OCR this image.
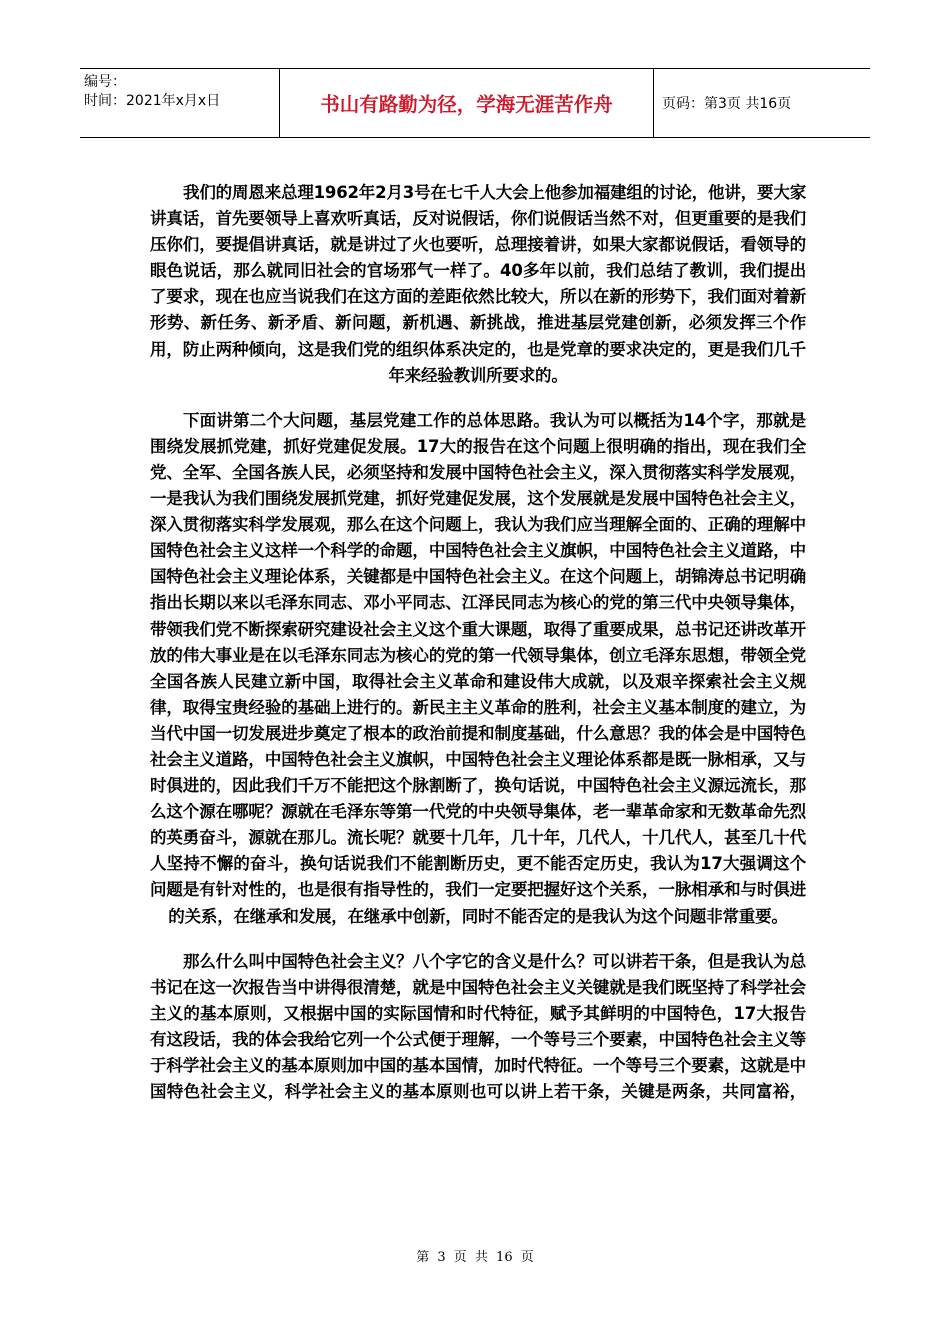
编号：
时间：2021年x月x日	书山有路勤为径，学海无涯苦作舟	页码：第3页 共16页

我们的周恩来总理1962年2月3号在七千人大会上他参加福建组的讨论，他讲，要大家讲真话，首先要领导上喜欢听真话，反对说假话，你们说假话当然不对，但更重要的是我们压你们，要提倡讲真话，就是讲过了火也要听，总理接着讲，如果大家都说假话，看领导的眼色说话，那么就同旧社会的官场邪气一样了。40多年以前，我们总结了教训，我们提出了要求，现在也应当说我们在这方面的差距依然比较大，所以在新的形势下，我们面对着新形势、新任务、新矛盾、新问题，新机遇、新挑战，推进基层党建创新，必须发挥三个作用，防止两种倾向，这是我们党的组织体系决定的，也是党章的要求决定的，更是我们几千年来经验教训所要求的。

下面讲第二个大问题，基层党建工作的总体思路。我认为可以概括为14个字，那就是围绕发展抓党建，抓好党建促发展。17大的报告在这个问题上很明确的指出，现在我们全党、全军、全国各族人民，必须坚持和发展中国特色社会主义，深入贯彻落实科学发展观，一是我认为我们围绕发展抓党建，抓好党建促发展，这个发展就是发展中国特色社会主义，深入贯彻落实科学发展观，那么在这个问题上，我认为我们应当理解全面的、正确的理解中国特色社会主义这样一个科学的命题，中国特色社会主义旗帜，中国特色社会主义道路，中国特色社会主义理论体系，关键都是中国特色社会主义。在这个问题上，胡锦涛总书记明确指出长期以来以毛泽东同志、邓小平同志、江泽民同志为核心的党的第三代中央领导集体，带领我们党不断探索研究建设社会主义这个重大课题，取得了重要成果，总书记还讲改革开放的伟大事业是在以毛泽东同志为核心的党的第一代领导集体，创立毛泽东思想，带领全党全国各族人民建立新中国，取得社会主义革命和建设伟大成就，以及艰辛探索社会主义规律，取得宝贵经验的基础上进行的。新民主主义革命的胜利，社会主义基本制度的建立，为当代中国一切发展进步奠定了根本的政治前提和制度基础，什么意思？我的体会是中国特色社会主义道路，中国特色社会主义旗帜，中国特色社会主义理论体系都是既一脉相承，又与时俱进的，因此我们千万不能把这个脉割断了，换句话说，中国特色社会主义源远流长，那么这个源在哪呢？源就在毛泽东等第一代党的中央领导集体，老一辈革命家和无数革命先烈的英勇奋斗，源就在那儿。流长呢？就要十几年，几十年，几代人，十几代人，甚至几十代人坚持不懈的奋斗，换句话说我们不能割断历史，更不能否定历史，我认为17大强调这个问题是有针对性的，也是很有指导性的，我们一定要把握好这个关系，一脉相承和与时俱进的关系，在继承和发展，在继承中创新，同时不能否定的是我认为这个问题非常重要。

那么什么叫中国特色社会主义？八个字它的含义是什么？可以讲若干条，但是我认为总书记在这一次报告当中讲得很清楚，就是中国特色社会主义关键就是我们既坚持了科学社会主义的基本原则，又根据中国的实际国情和时代特征，赋予其鲜明的中国特色，17大报告有这段话，我的体会我给它列一个公式便于理解，一个等号三个要素，中国特色社会主义等于科学社会主义的基本原则加中国的基本国情，加时代特征。一个等号三个要素，这就是中国特色社会主义，科学社会主义的基本原则也可以讲上若干条，关键是两条，共同富裕，

第 3 页 共 16 页
